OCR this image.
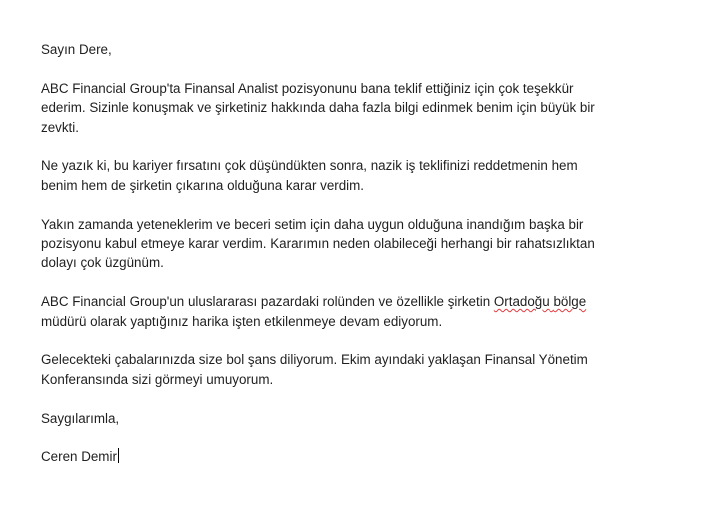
Sayın Dere,

ABC Financial Group'ta Finansal Analist pozisyonunu bana teklif ettiğiniz için çok teşekkür
ederim. Sizinle konuşmak ve şirketiniz hakkında daha fazla bilgi edinmek benim için büyük bir
zevkti.

Ne yazık ki, bu kariyer fırsatını çok düşündükten sonra, nazik iş teklifinizi reddetmenin hem
benim hem de şirketin çıkarına olduğuna karar verdim.

Yakın zamanda yeteneklerim ve beceri setim için daha uygun olduğuna inandığım başka bir
pozisyonu kabul etmeye karar verdim. Kararımın neden olabileceği herhangi bir rahatsızlıktan
dolayı çok üzgünüm.

ABC Financial Group'un uluslararası pazardaki rolünden ve özellikle şirketin Ortadoğu bölge
müdürü olarak yaptığınız harika işten etkilenmeye devam ediyorum.

Gelecekteki çabalarınızda size bol şans diliyorum. Ekim ayındaki yaklaşan Finansal Yönetim
Konferansında sizi görmeyi umuyorum.

Saygılarımla,

Ceren Demir
